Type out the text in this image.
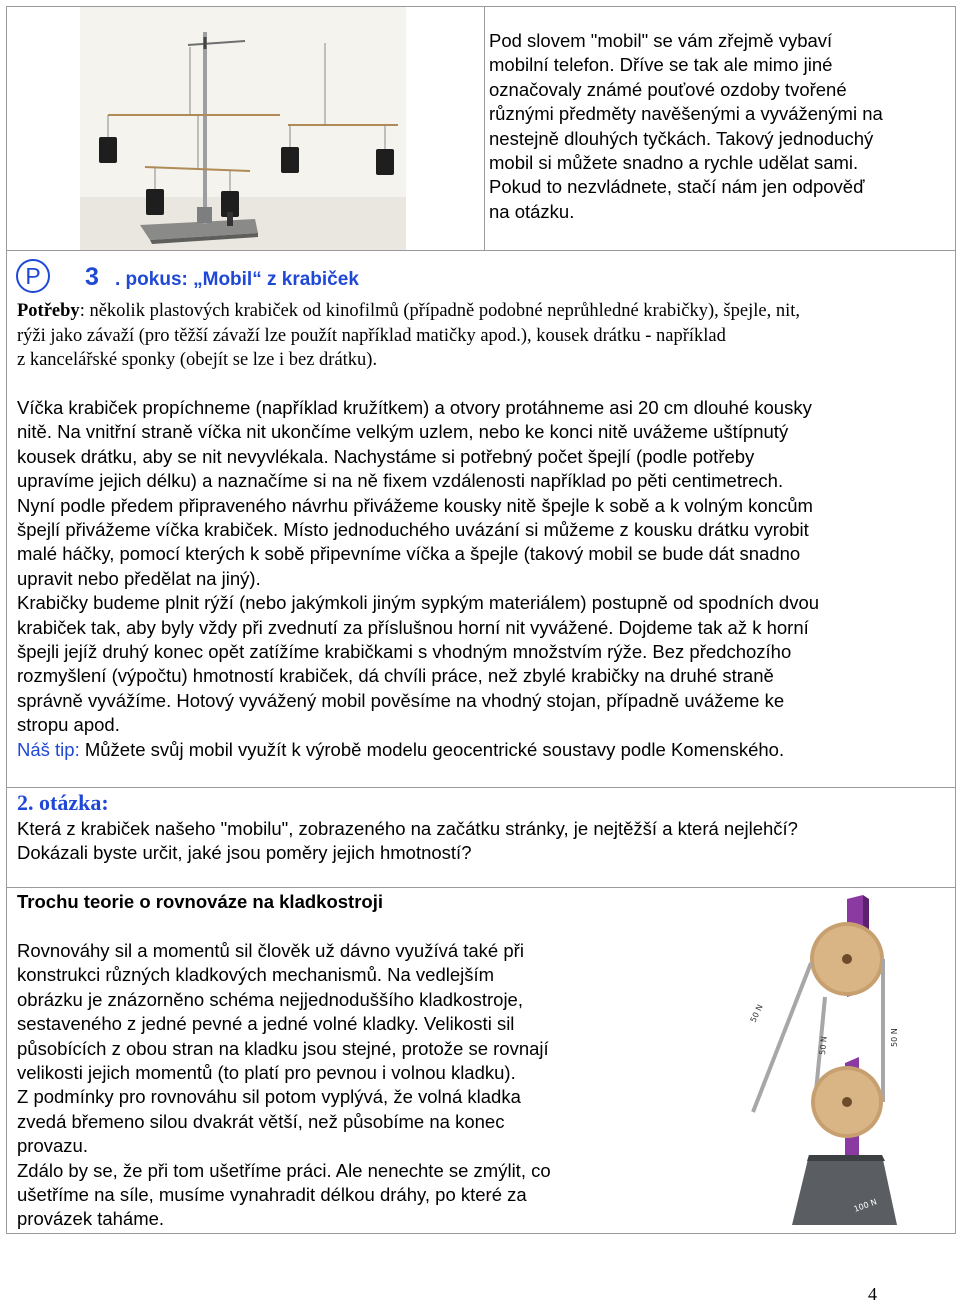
Pod slovem "mobil" se vám zřejmě vybaví
mobilní telefon. Dříve se tak ale mimo jiné
označovaly známé pouťové ozdoby tvořené
různými předměty navěšenými a vyváženými na
nestejně dlouhých tyčkách. Takový jednoduchý
mobil si můžete snadno a rychle udělat sami.
Pokud to nezvládnete, stačí nám jen odpověď
na otázku.
P 3 . pokus: „Mobil“ z krabiček
Potřeby: několik plastových krabiček od kinofilmů (případně podobné neprůhledné krabičky), špejle, nit,
rýži jako závaží (pro těžší závaží lze použít například matičky apod.), kousek drátku - například
z kancelářské sponky (obejít se lze i bez drátku).
Víčka krabiček propíchneme (například kružítkem) a otvory protáhneme asi 20 cm dlouhé kousky
nitě. Na vnitřní straně víčka nit ukončíme velkým uzlem, nebo ke konci nitě uvážeme uštípnutý
kousek drátku, aby se nit nevyvlékala. Nachystáme si potřebný počet špejlí (podle potřeby
upravíme jejich délku) a naznačíme si na ně fixem vzdálenosti například po pěti centimetrech.
Nyní podle předem připraveného návrhu přivážeme kousky nitě špejle k sobě a k volným koncům
špejlí přivážeme víčka krabiček. Místo jednoduchého uvázání si můžeme z kousku drátku vyrobit
malé háčky, pomocí kterých k sobě připevníme víčka a špejle (takový mobil se bude dát snadno
upravit nebo předělat na jiný).
Krabičky budeme plnit rýží (nebo jakýmkoli jiným sypkým materiálem) postupně od spodních dvou
krabiček tak, aby byly vždy při zvednutí za příslušnou horní nit vyvážené. Dojdeme tak až k horní
špejli jejíž druhý konec opět zatížíme krabičkami s vhodným množstvím rýže. Bez předchozího
rozmyšlení (výpočtu) hmotností krabiček, dá chvíli práce, než zbylé krabičky na druhé straně
správně vyvážíme. Hotový vyvážený mobil pověsíme na vhodný stojan, případně uvážeme ke
stropu apod.
Náš tip: Můžete svůj mobil využít k výrobě modelu geocentrické soustavy podle Komenského.
2. otázka:
Která z krabiček našeho "mobilu", zobrazeného na začátku stránky, je nejtěžší a která nejlehčí?
Dokázali byste určit, jaké jsou poměry jejich hmotností?
Trochu teorie o rovnováze na kladkostroji
Rovnováhy sil a momentů sil člověk už dávno využívá také při
konstrukci různých kladkových mechanismů. Na vedlejším
obrázku je znázorněno schéma nejjednoduššího kladkostroje,
sestaveného z jedné pevné a jedné volné kladky. Velikosti sil
působících z obou stran na kladku jsou stejné, protože se rovnají
velikosti jejich momentů (to platí pro pevnou i volnou kladku).
Z podmínky pro rovnováhu sil potom vyplývá, že volná kladka
zvedá břemeno silou dvakrát větší, než působíme na konec
provazu.
Zdálo by se, že při tom ušetříme práci. Ale nenechte se zmýlit, co
ušetříme na síle, musíme vynahradit délkou dráhy, po které za
provázek taháme.
50 N
50 N	50 N
100 N
4
